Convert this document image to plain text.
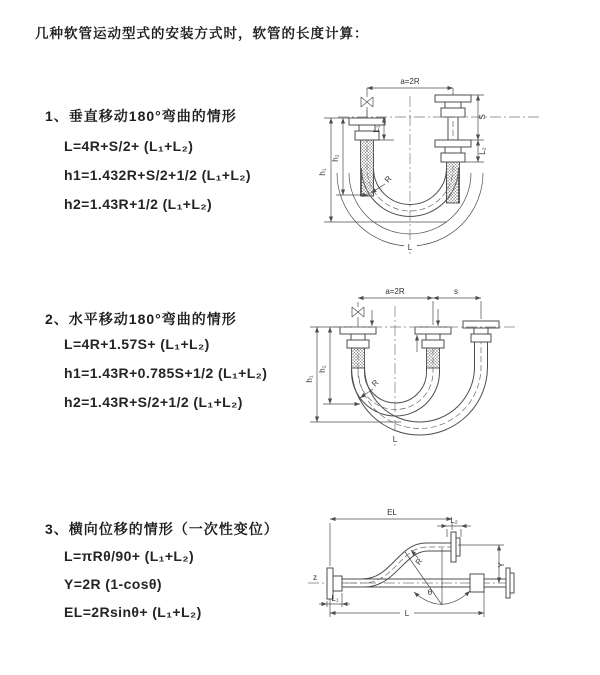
几种软管运动型式的安装方式时，软管的长度计算：
1、垂直移动180°弯曲的情形
L=4R+S/2+ (L₁+L₂)
h1=1.432R+S/2+1/2 (L₁+L₂)
h2=1.43R+1/2 (L₁+L₂)
2、水平移动180°弯曲的情形
L=4R+1.57S+ (L₁+L₂)
h1=1.43R+0.785S+1/2 (L₁+L₂)
h2=1.43R+S/2+1/2 (L₁+L₂)
3、横向位移的情形（一次性变位）
L=πRθ/90+ (L₁+L₂)
Y=2R (1-cosθ)
EL=2Rsinθ+ (L₁+L₂)
a=2R
L₁
S
L₂
h₁
h₂
R
L
a=2R	s
h₁
h₂
R
L
z
θ
EL
L₂
Y
L
L₁
R
